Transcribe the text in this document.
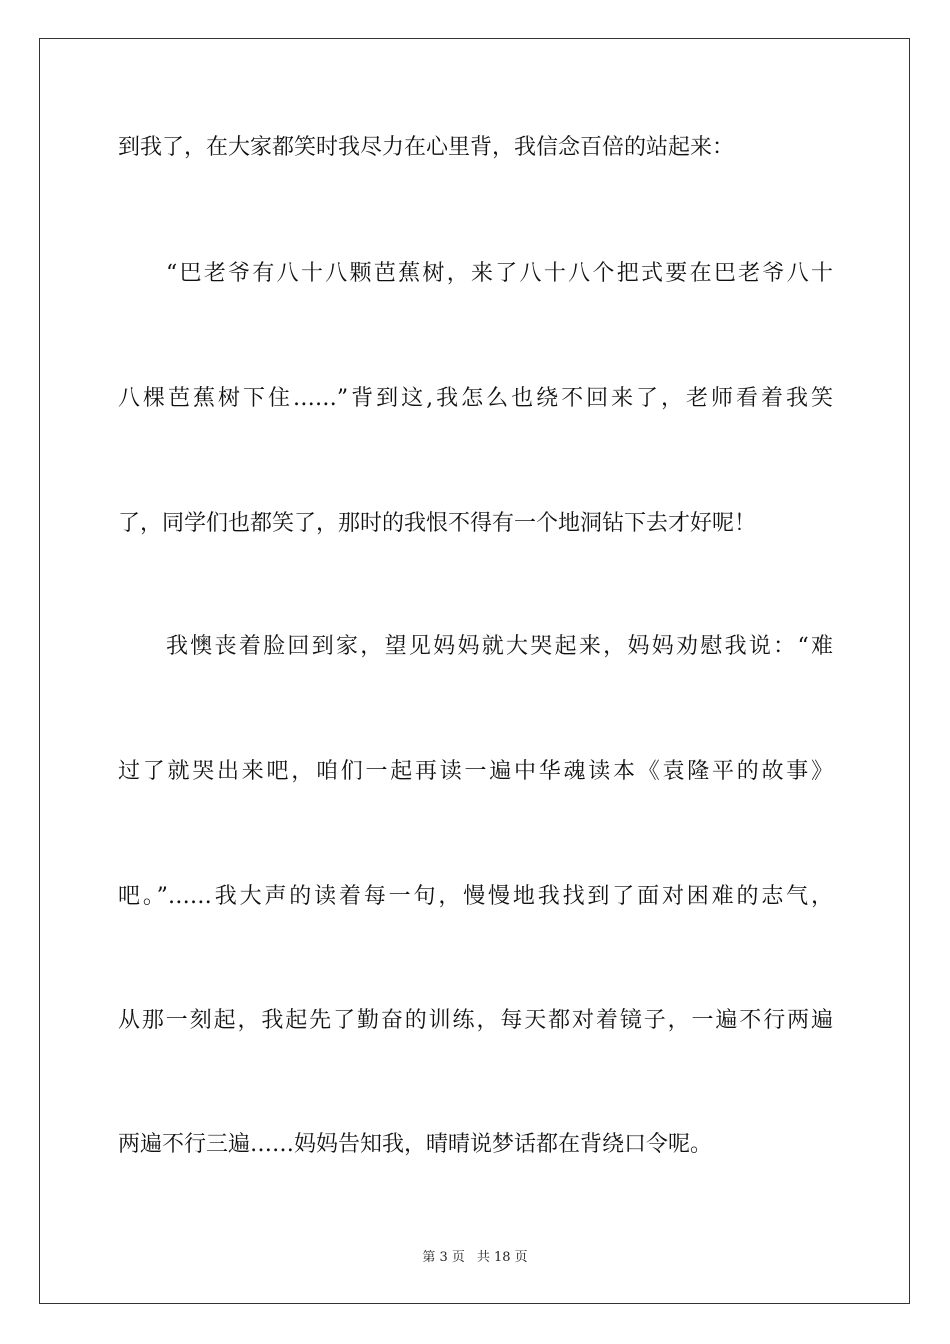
到我了，在大家都笑时我尽力在心里背，我信念百倍的站起来：
“巴老爷有八十八颗芭蕉树，来了八十八个把式要在巴老爷八十
八棵芭蕉树下住……”背到这,我怎么也绕不回来了，老师看着我笑
了，同学们也都笑了，那时的我恨不得有一个地洞钻下去才好呢！
我懊丧着脸回到家，望见妈妈就大哭起来，妈妈劝慰我说：“难
过了就哭出来吧，咱们一起再读一遍中华魂读本《袁隆平的故事》
吧。”……我大声的读着每一句，慢慢地我找到了面对困难的志气，
从那一刻起，我起先了勤奋的训练，每天都对着镜子，一遍不行两遍
两遍不行三遍……妈妈告知我，晴晴说梦话都在背绕口令呢。
第 3 页 共 18 页
